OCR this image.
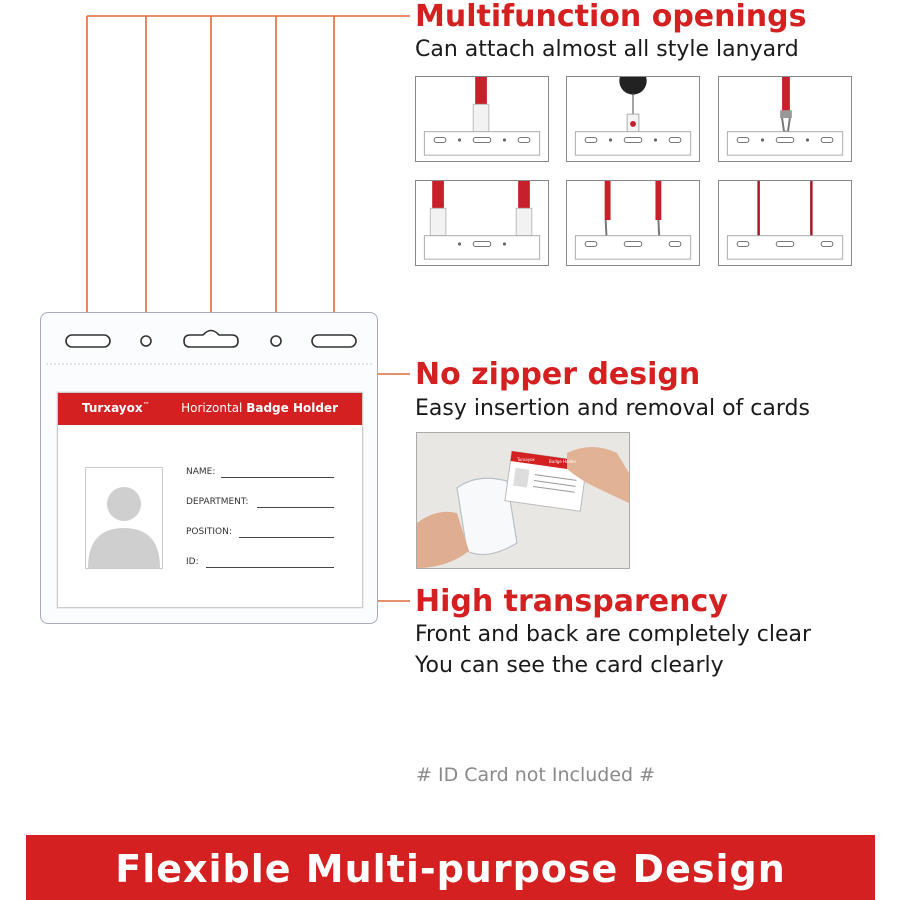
Multifunction openings
Can attach almost all style lanyard
Turxayox™	Horizontal Badge Holder
NAME:
DEPARTMENT:
POSITION:
ID:
No zipper design
Easy insertion and removal of cards
Turxayox	Badge Holder
High transparency
Front and back are completely clear
You can see the card clearly
# ID Card not Included #
Flexible Multi-purpose Design
